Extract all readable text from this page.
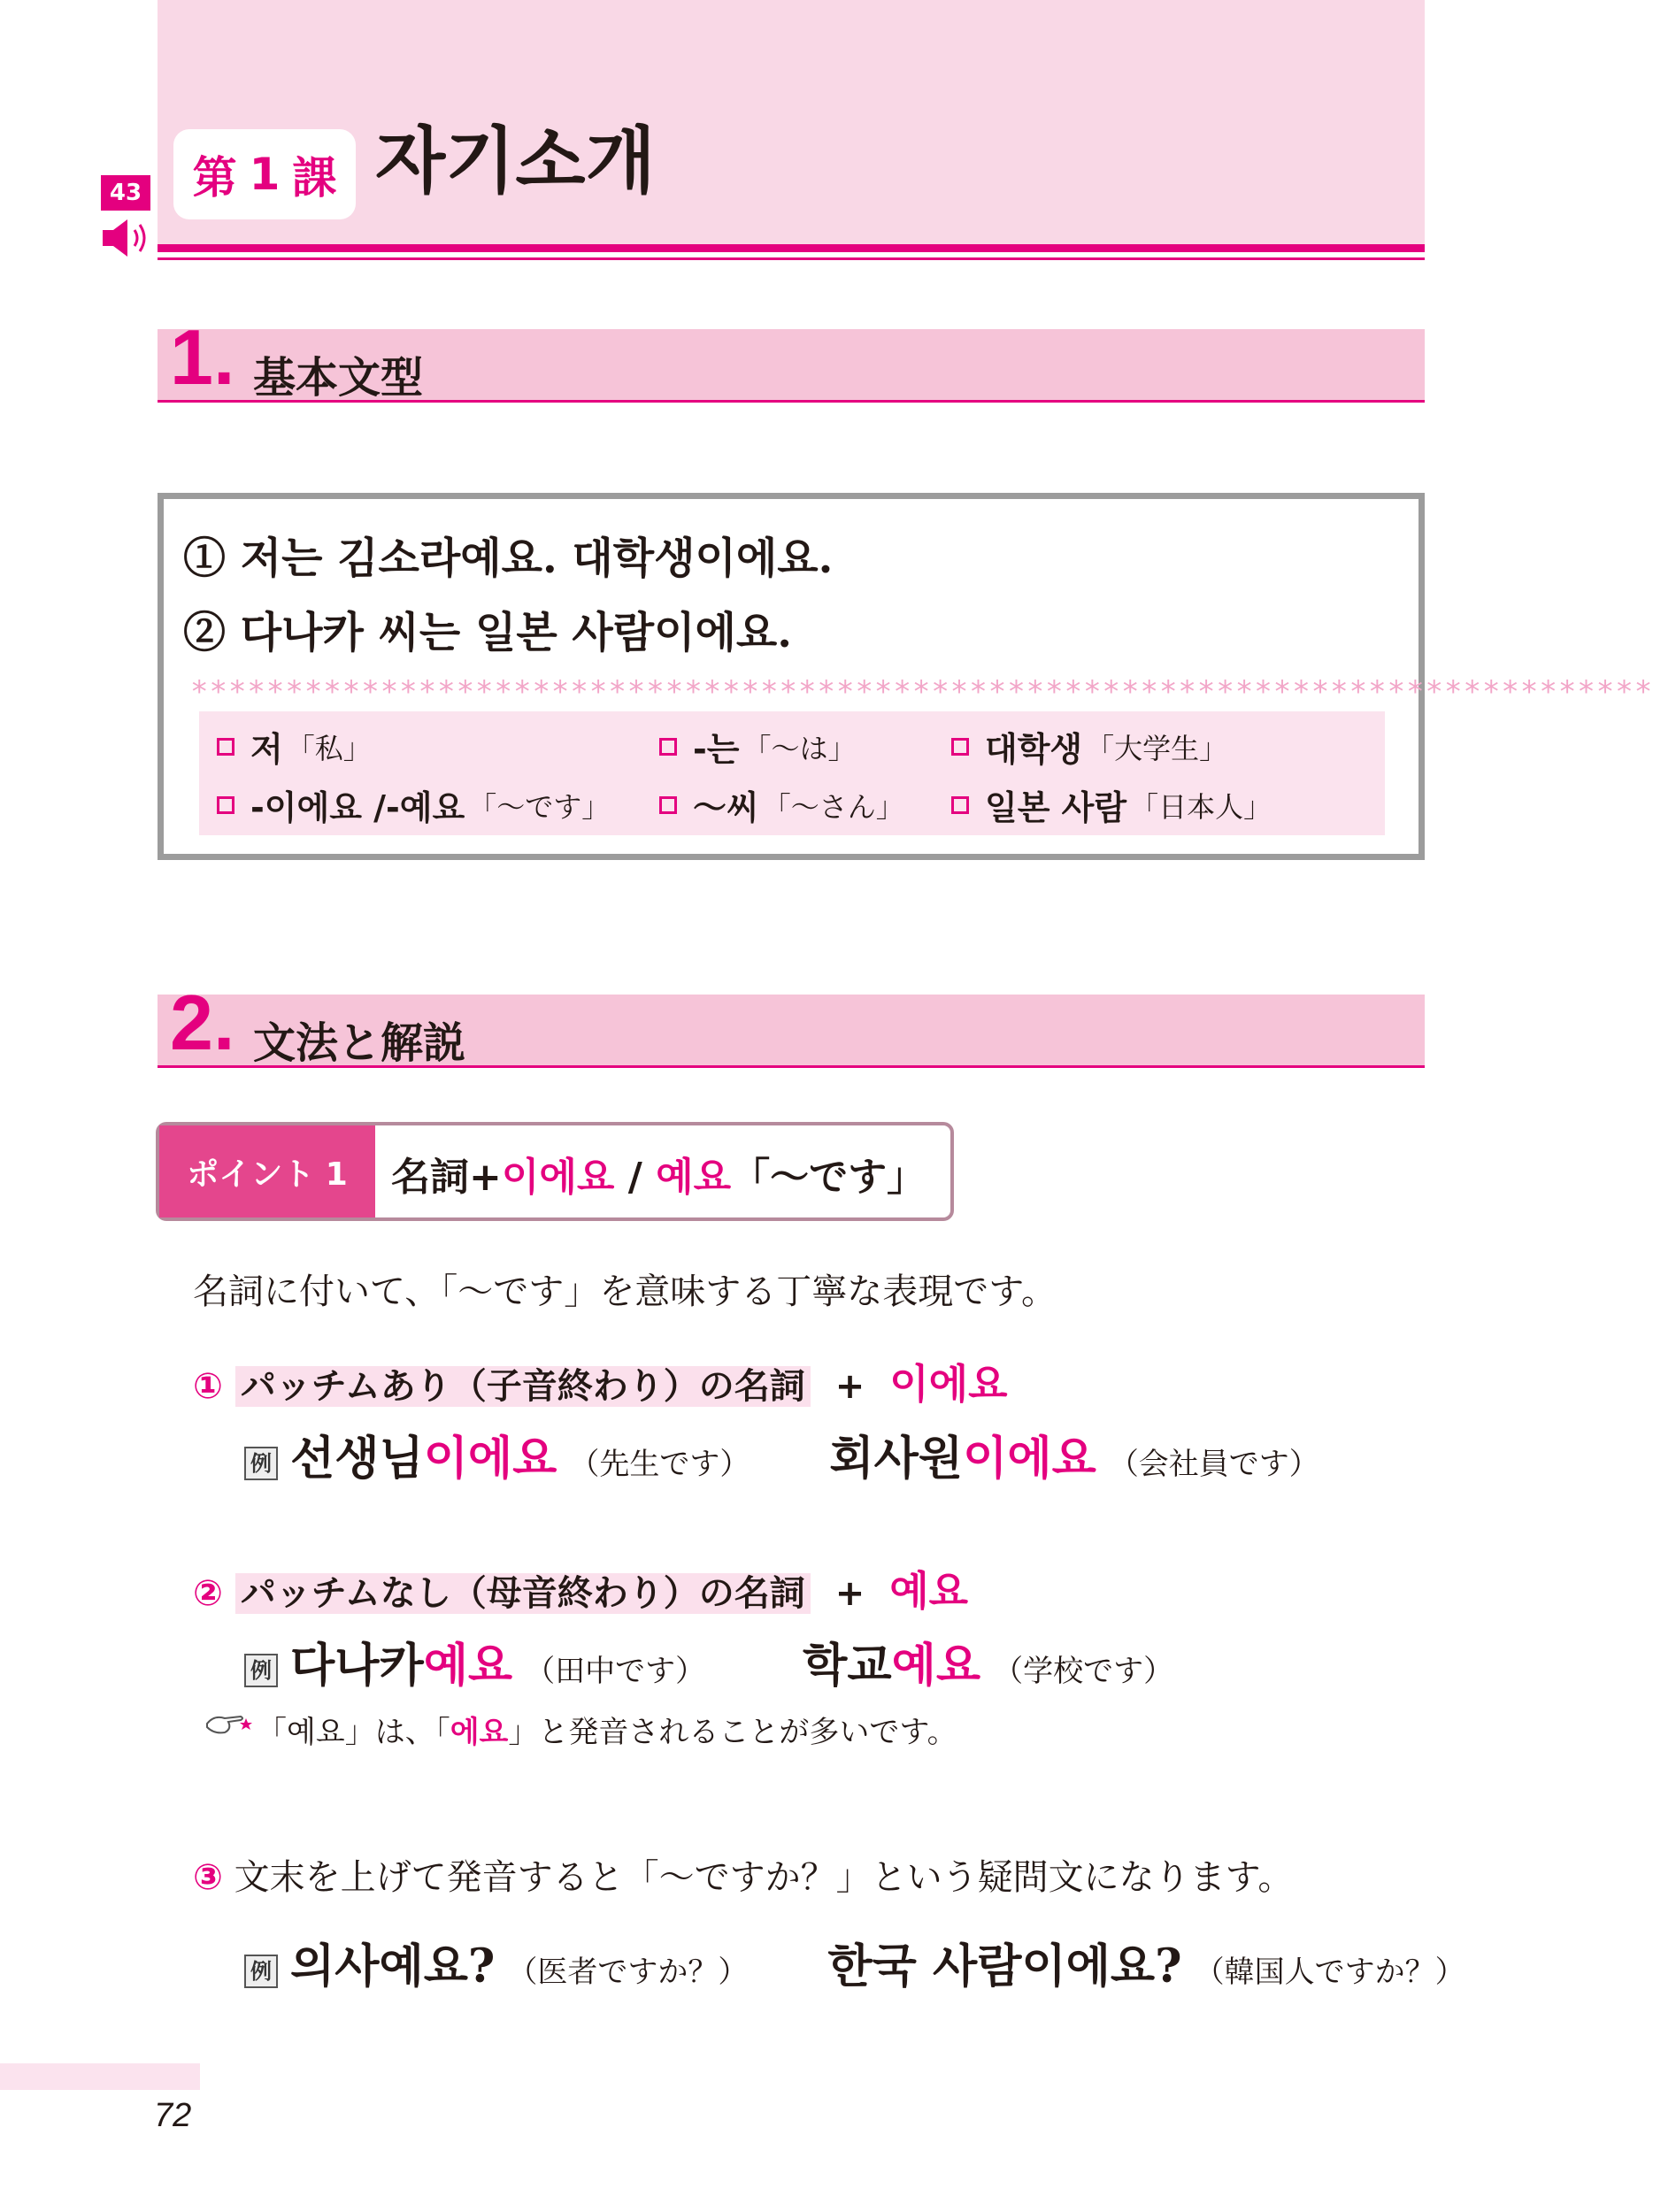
43 第 1 課 자기소개
1. 基本文型
① 저는 김소라예요. 대학생이에요.
② 다나카 씨는 일본 사람이에요.
*****************************************************************************
저 「私」	-는 「～は」	대학생 「大学生」
-이에요 /-예요 「～です」 ～씨 「～さん」 일본 사람 「日本人」
2. 文法と解説
ポイント 1	名詞+이에요 / 예요「～です」
名詞に付いて、「～です」を意味する丁寧な表現です。
① パッチムあり（子音終わり）の名詞 + 이에요
例 선생님 이에요 （先生です） 회사원 이에요 （会社員です）
② パッチムなし（母音終わり）の名詞 + 예요
例 다나카 예요 （田中です） 학교 예요 （学校です）
「예요」は、「에요」と発音されることが多いです。
③ 文末を上げて発音すると「～ですか？」という疑問文になります。
例 의사예요? （医者ですか？） 한국 사람이에요? （韓国人ですか？）
72
